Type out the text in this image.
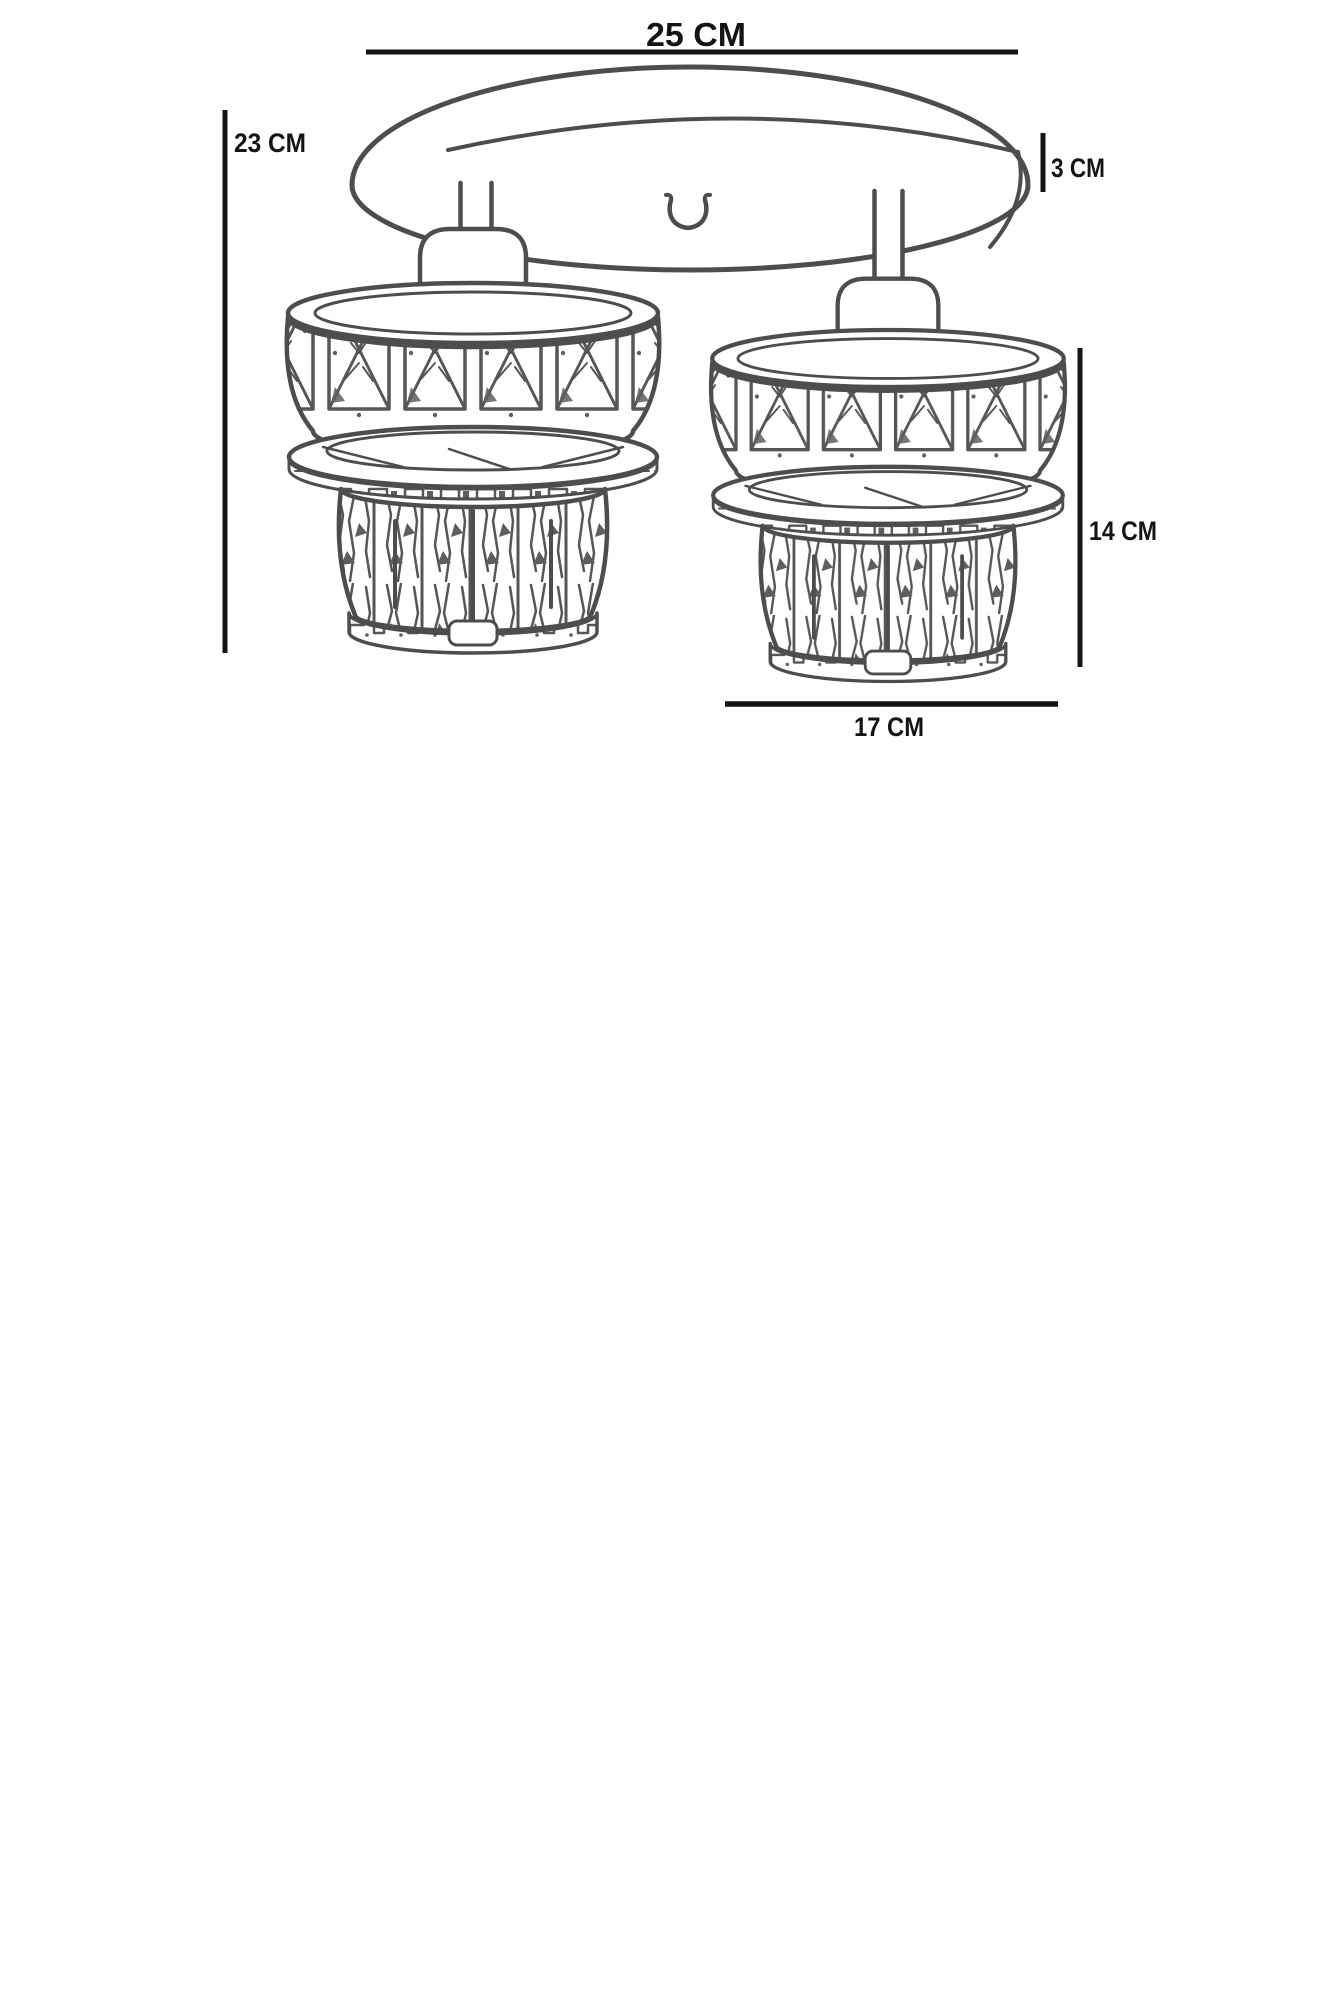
25 CM
23 CM
3 CM
14 CM
17 CM
